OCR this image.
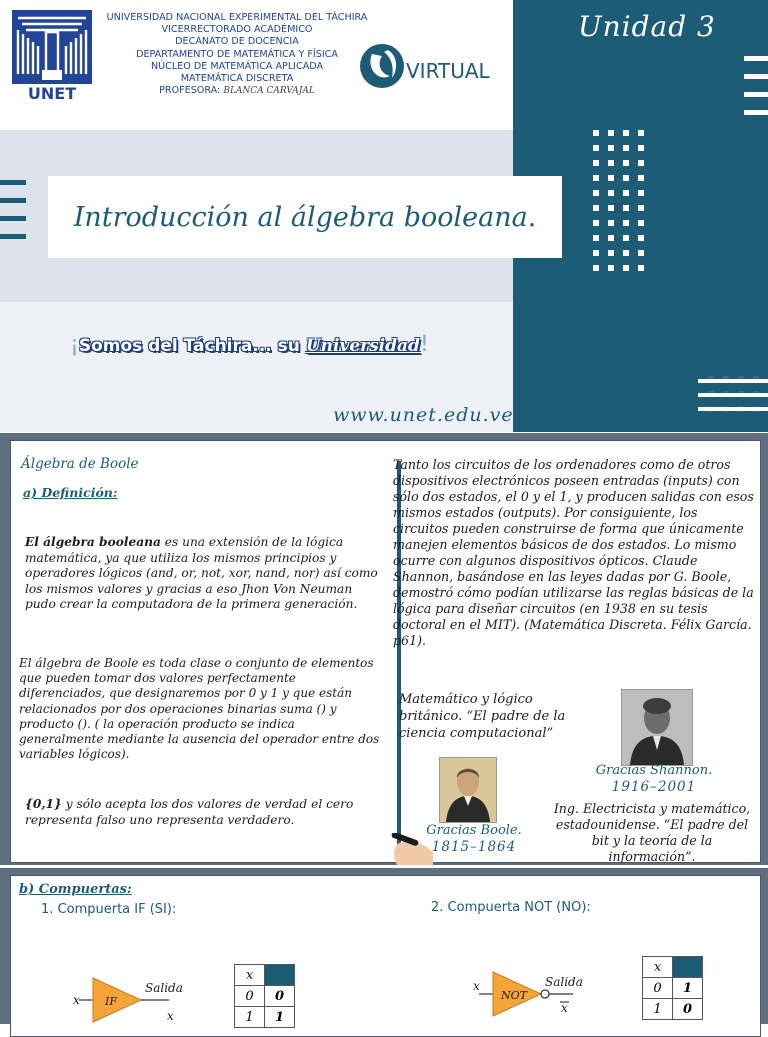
UNET
UNIVERSIDAD NACIONAL EXPERIMENTAL DEL TÁCHIRA
VICERRECTORADO ACADÉMICO
DECANATO DE DOCENCIA
DEPARTAMENTO DE MATEMÁTICA Y FÍSICA
NÚCLEO DE MATEMÁTICA APLICADA
MATEMÁTICA DISCRETA
PROFESORA: BLANCA CARVAJAL
VIRTUAL
Unidad 3
Introducción al álgebra booleana.
¡Somos del Táchira... su Universidad!
www.unet.edu.ve
Álgebra de Boole
a) Definición:
El álgebra booleana es una extensión de la lógica matemática, ya que utiliza los mismos principios y operadores lógicos (and, or, not, xor, nand, nor) así como los mismos valores y gracias a eso Jhon Von Neuman pudo crear la computadora de la primera generación.
El álgebra de Boole es toda clase o conjunto de elementos que pueden tomar dos valores perfectamente diferenciados, que designaremos por 0 y 1 y que están relacionados por dos operaciones binarias suma () y producto (). ( la operación producto se indica generalmente mediante la ausencia del operador entre dos variables lógicos).
{0,1} y sólo acepta los dos valores de verdad el cero representa falso uno representa verdadero.
Tanto los circuitos de los ordenadores como de otros dispositivos electrónicos poseen entradas (inputs) con sólo dos estados, el 0 y el 1, y producen salidas con esos mismos estados (outputs). Por consiguiente, los circuitos pueden construirse de forma que únicamente manejen elementos básicos de dos estados. Lo mismo ocurre con algunos dispositivos ópticos. Claude Shannon, basándose en las leyes dadas por G. Boole, demostró cómo podían utilizarse las reglas básicas de la lógica para diseñar circuitos (en 1938 en su tesis doctoral en el MIT). (Matemática Discreta. Félix García. p61).
Matemático y lógico británico. “El padre de la ciencia computacional”
Gracias Shannon.
1916–2001
Gracias Boole.
1815–1864
Ing. Electricista y matemático, estadounidense. “El padre del bit y la teoría de la información”.
b) Compuertas:
1. Compuerta IF (SI):	2. Compuerta NOT (NO):
x IF
Salida
x
x	
0	0
1	1
x
NOT
Salida
x
x	
0	1
1	0
